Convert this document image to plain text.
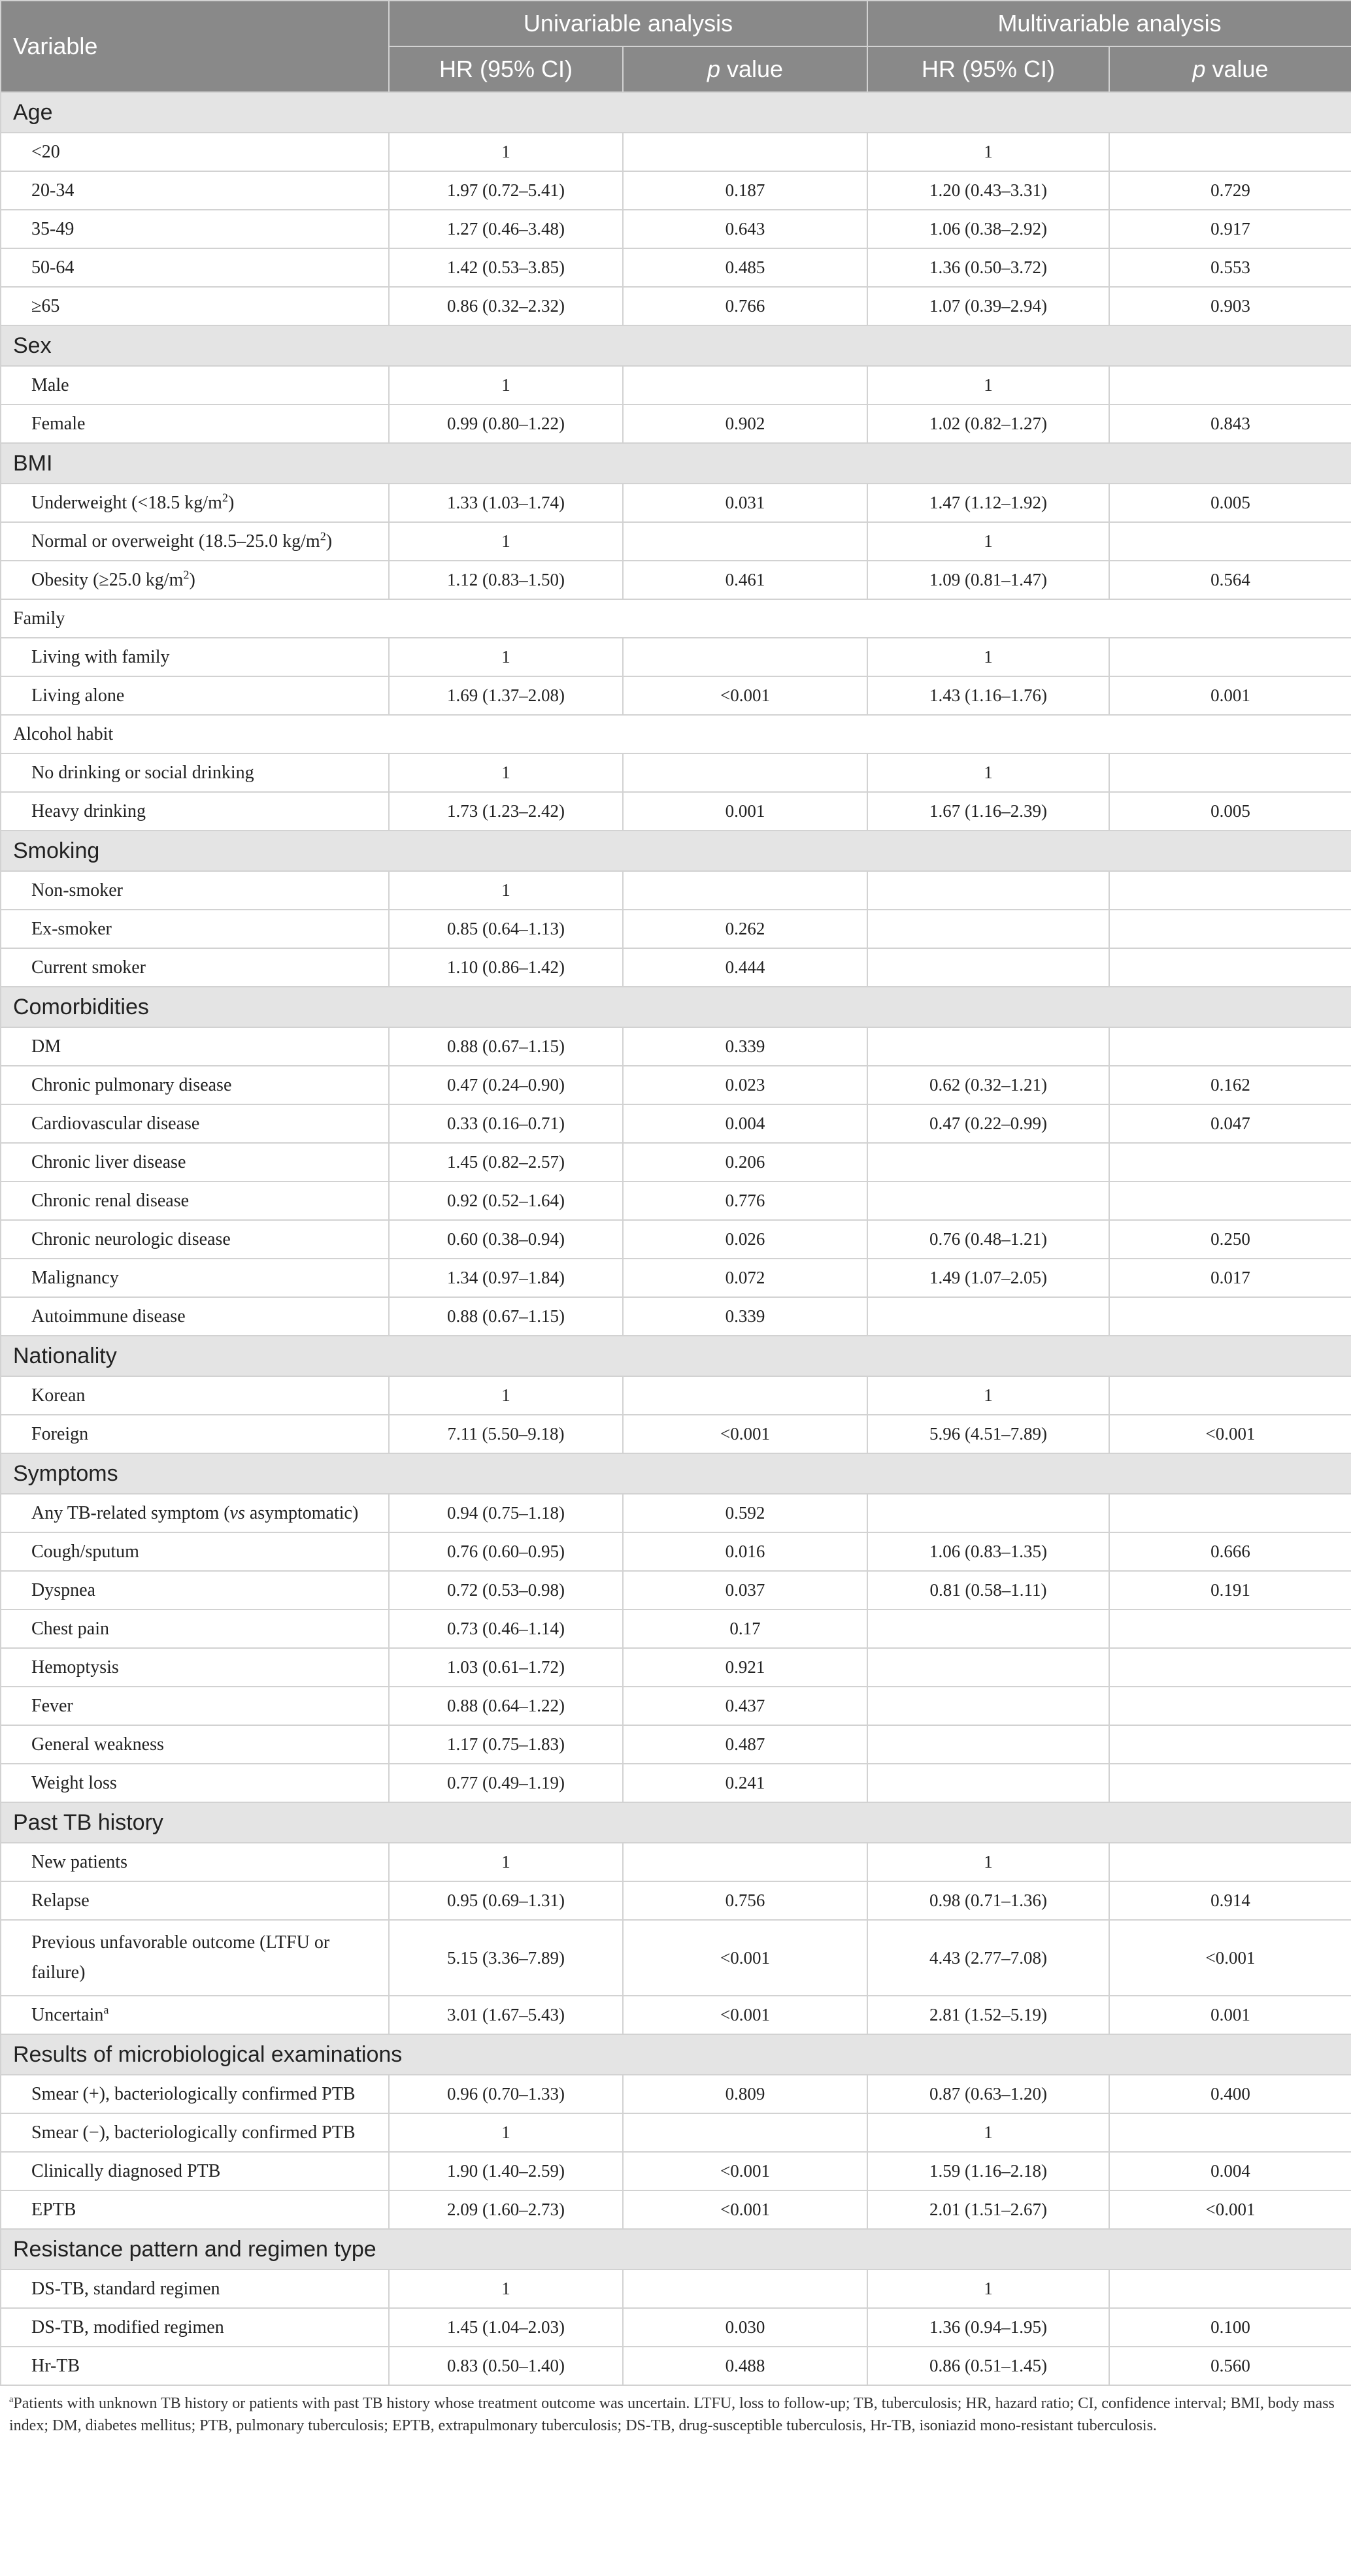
Variable	Univariable analysis		Multivariable analysis	
	HR (95% CI)	p value	HR (95% CI)	p value
Age				
<20	1		1	
20-34	1.97 (0.72–5.41)	0.187	1.20 (0.43–3.31)	0.729
35-49	1.27 (0.46–3.48)	0.643	1.06 (0.38–2.92)	0.917
50-64	1.42 (0.53–3.85)	0.485	1.36 (0.50–3.72)	0.553
≥65	0.86 (0.32–2.32)	0.766	1.07 (0.39–2.94)	0.903
Sex				
Male	1		1	
Female	0.99 (0.80–1.22)	0.902	1.02 (0.82–1.27)	0.843
BMI				
Underweight (<18.5 $kg/m^2$)	1.33 (1.03–1.74)	0.031	1.47 (1.12–1.92)	0.005
Normal or overweight (18.5–25.0 $kg/m^2$)	1		1	
Obesity (≥25.0 $kg/m^2$)	1.12 (0.83–1.50)	0.461	1.09 (0.81–1.47)	0.564
Family				
Living with family	1		1	
Living alone	1.69 (1.37–2.08)	<0.001	1.43 (1.16–1.76)	0.001
Alcohol habit				
No drinking or social drinking	1		1	
Heavy drinking	1.73 (1.23–2.42)	0.001	1.67 (1.16–2.39)	0.005
Smoking				
Non-smoker	1			
Ex-smoker	0.85 (0.64–1.13)	0.262		
Current smoker	1.10 (0.86–1.42)	0.444		
Comorbidities				
DM	0.88 (0.67–1.15)	0.339		
Chronic pulmonary disease	0.47 (0.24–0.90)	0.023	0.62 (0.32–1.21)	0.162
Cardiovascular disease	0.33 (0.16–0.71)	0.004	0.47 (0.22–0.99)	0.047
Chronic liver disease	1.45 (0.82–2.57)	0.206		
Chronic renal disease	0.92 (0.52–1.64)	0.776		
Chronic neurologic disease	0.60 (0.38–0.94)	0.026	0.76 (0.48–1.21)	0.250
Malignancy	1.34 (0.97–1.84)	0.072	1.49 (1.07–2.05)	0.017
Autoimmune disease	0.88 (0.67–1.15)	0.339		
Nationality				
Korean	1		1	
Foreign	7.11 (5.50–9.18)	<0.001	5.96 (4.51–7.89)	<0.001
Symptoms				
Any TB-related symptom (vs asymptomatic)	0.94 (0.75–1.18)	0.592		
Cough/sputum	0.76 (0.60–0.95)	0.016	1.06 (0.83–1.35)	0.666
Dyspnea	0.72 (0.53–0.98)	0.037	0.81 (0.58–1.11)	0.191
Chest pain	0.73 (0.46–1.14)	0.17		
Hemoptysis	1.03 (0.61–1.72)	0.921		
Fever	0.88 (0.64–1.22)	0.437		
General weakness	1.17 (0.75–1.83)	0.487		
Weight loss	0.77 (0.49–1.19)	0.241		
Past TB history				
New patients	1		1	
Relapse	0.95 (0.69–1.31)	0.756	0.98 (0.71–1.36)	0.914
Previous unfavorable outcome (LTFU or failure)	5.15 (3.36–7.89)	<0.001	4.43 (2.77–7.08)	<0.001
Uncertain$^a$	3.01 (1.67–5.43)	<0.001	2.81 (1.52–5.19)	0.001
Results of microbiological examinations				
Smear (+), bacteriologically confirmed PTB	0.96 (0.70–1.33)	0.809	0.87 (0.63–1.20)	0.400
Smear (−), bacteriologically confirmed PTB	1		1	
Clinically diagnosed PTB	1.90 (1.40–2.59)	<0.001	1.59 (1.16–2.18)	0.004
EPTB	2.09 (1.60–2.73)	<0.001	2.01 (1.51–2.67)	<0.001
Resistance pattern and regimen type				
DS-TB, standard regimen	1		1	
DS-TB, modified regimen	1.45 (1.04–2.03)	0.030	1.36 (0.94–1.95)	0.100
Hr-TB	0.83 (0.50–1.40)	0.488	0.86 (0.51–1.45)	0.560
$^a$Patients with unknown TB history or patients with past TB history whose treatment outcome was uncertain. LTFU, loss to follow-up; TB, tuberculosis; HR, hazard ratio; CI, confidence interval; BMI, body mass index; DM, diabetes mellitus; PTB, pulmonary tuberculosis; EPTB, extrapulmonary tuberculosis; DS-TB, drug-susceptible tuberculosis, Hr-TB, isoniazid mono-resistant tuberculosis.
